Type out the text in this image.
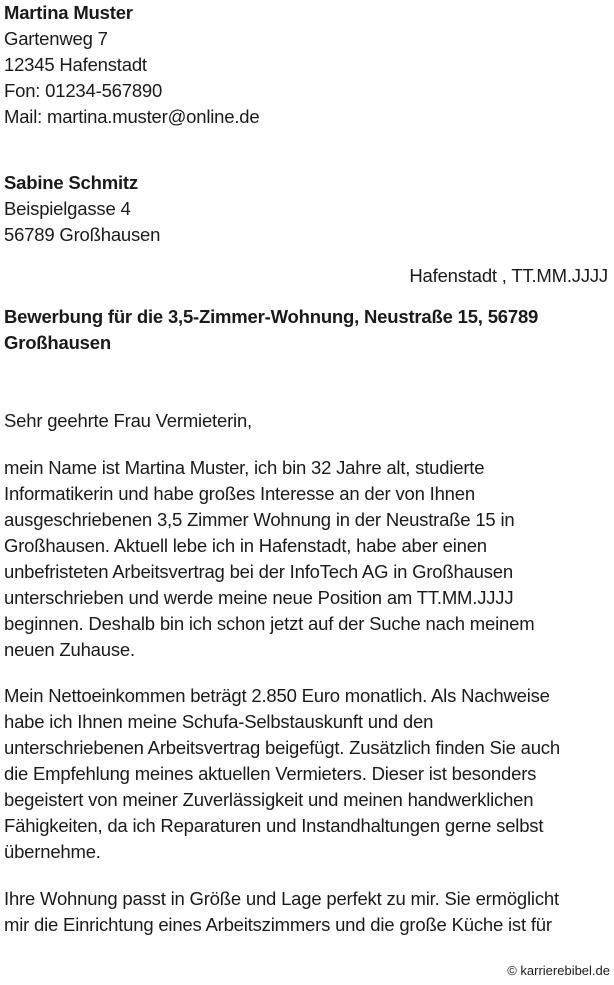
Martina Muster
Gartenweg 7
12345 Hafenstadt
Fon: 01234-567890
Mail: martina.muster@online.de
Sabine Schmitz
Beispielgasse 4
56789 Großhausen
Hafenstadt , TT.MM.JJJJ
Bewerbung für die 3,5-Zimmer-Wohnung, Neustraße 15, 56789
Großhausen
Sehr geehrte Frau Vermieterin,
mein Name ist Martina Muster, ich bin 32 Jahre alt, studierte
Informatikerin und habe großes Interesse an der von Ihnen
ausgeschriebenen 3,5 Zimmer Wohnung in der Neustraße 15 in
Großhausen. Aktuell lebe ich in Hafenstadt, habe aber einen
unbefristeten Arbeitsvertrag bei der InfoTech AG in Großhausen
unterschrieben und werde meine neue Position am TT.MM.JJJJ
beginnen. Deshalb bin ich schon jetzt auf der Suche nach meinem
neuen Zuhause.
Mein Nettoeinkommen beträgt 2.850 Euro monatlich. Als Nachweise
habe ich Ihnen meine Schufa-Selbstauskunft und den
unterschriebenen Arbeitsvertrag beigefügt. Zusätzlich finden Sie auch
die Empfehlung meines aktuellen Vermieters. Dieser ist besonders
begeistert von meiner Zuverlässigkeit und meinen handwerklichen
Fähigkeiten, da ich Reparaturen und Instandhaltungen gerne selbst
übernehme.
Ihre Wohnung passt in Größe und Lage perfekt zu mir. Sie ermöglicht
mir die Einrichtung eines Arbeitszimmers und die große Küche ist für
© karrierebibel.de
